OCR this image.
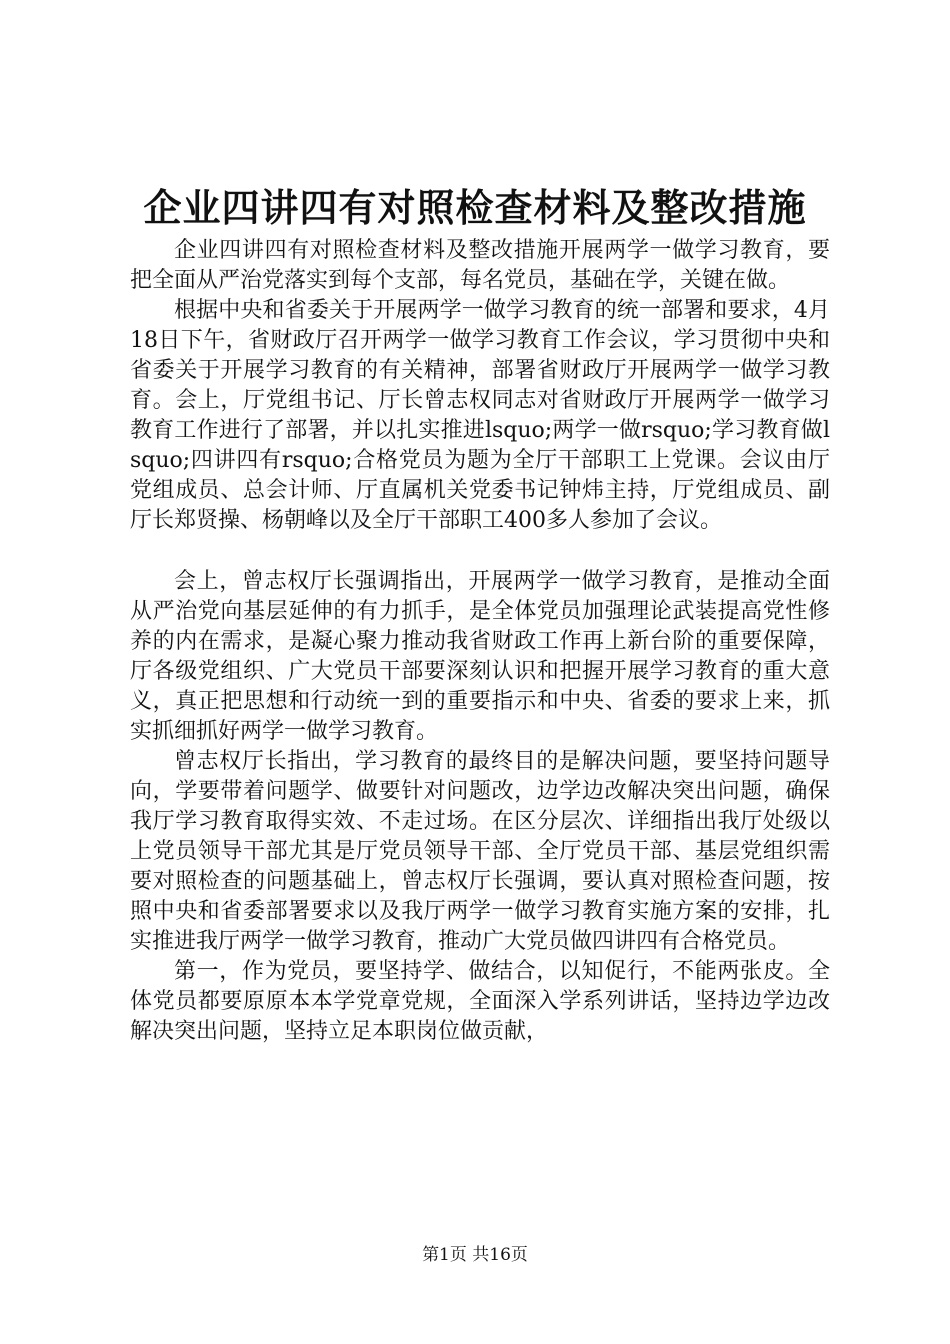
企业四讲四有对照检查材料及整改措施

企业四讲四有对照检查材料及整改措施开展两学一做学习教育，要把全面从严治党落实到每个支部，每名党员，基础在学，关键在做。

根据中央和省委关于开展两学一做学习教育的统一部署和要求，4月18日下午，省财政厅召开两学一做学习教育工作会议，学习贯彻中央和省委关于开展学习教育的有关精神，部署省财政厅开展两学一做学习教育。会上，厅党组书记、厅长曾志权同志对省财政厅开展两学一做学习教育工作进行了部署，并以扎实推进lsquo;两学一做rsquo;学习教育做lsquo;四讲四有rsquo;合格党员为题为全厅干部职工上党课。会议由厅党组成员、总会计师、厅直属机关党委书记钟炜主持，厅党组成员、副厅长郑贤操、杨朝峰以及全厅干部职工400多人参加了会议。

会上，曾志权厅长强调指出，开展两学一做学习教育，是推动全面从严治党向基层延伸的有力抓手，是全体党员加强理论武装提高党性修养的内在需求，是凝心聚力推动我省财政工作再上新台阶的重要保障，厅各级党组织、广大党员干部要深刻认识和把握开展学习教育的重大意义，真正把思想和行动统一到的重要指示和中央、省委的要求上来，抓实抓细抓好两学一做学习教育。

曾志权厅长指出，学习教育的最终目的是解决问题，要坚持问题导向，学要带着问题学、做要针对问题改，边学边改解决突出问题，确保我厅学习教育取得实效、不走过场。在区分层次、详细指出我厅处级以上党员领导干部尤其是厅党员领导干部、全厅党员干部、基层党组织需要对照检查的问题基础上，曾志权厅长强调，要认真对照检查问题，按照中央和省委部署要求以及我厅两学一做学习教育实施方案的安排，扎实推进我厅两学一做学习教育，推动广大党员做四讲四有合格党员。

第一，作为党员，要坚持学、做结合，以知促行，不能两张皮。全体党员都要原原本本学党章党规，全面深入学系列讲话，坚持边学边改解决突出问题，坚持立足本职岗位做贡献，

第1页 共16页
